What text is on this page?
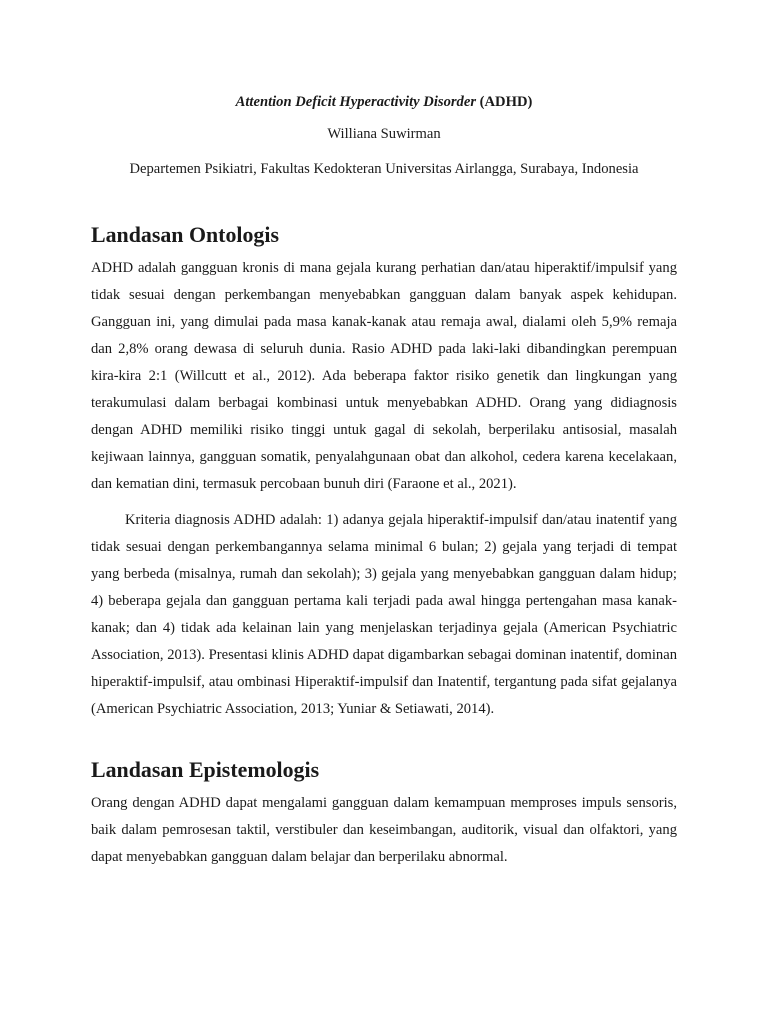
Attention Deficit Hyperactivity Disorder (ADHD)

Williana Suwirman

Departemen Psikiatri, Fakultas Kedokteran Universitas Airlangga, Surabaya, Indonesia

Landasan Ontologis

ADHD adalah gangguan kronis di mana gejala kurang perhatian dan/atau hiperaktif/impulsif yang tidak sesuai dengan perkembangan menyebabkan gangguan dalam banyak aspek kehidupan. Gangguan ini, yang dimulai pada masa kanak-kanak atau remaja awal, dialami oleh 5,9% remaja dan 2,8% orang dewasa di seluruh dunia. Rasio ADHD pada laki-laki dibandingkan perempuan kira-kira 2:1 (Willcutt et al., 2012). Ada beberapa faktor risiko genetik dan lingkungan yang terakumulasi dalam berbagai kombinasi untuk menyebabkan ADHD. Orang yang didiagnosis dengan ADHD memiliki risiko tinggi untuk gagal di sekolah, berperilaku antisosial, masalah kejiwaan lainnya, gangguan somatik, penyalahgunaan obat dan alkohol, cedera karena kecelakaan, dan kematian dini, termasuk percobaan bunuh diri (Faraone et al., 2021).

Kriteria diagnosis ADHD adalah: 1) adanya gejala hiperaktif-impulsif dan/atau inatentif yang tidak sesuai dengan perkembangannya selama minimal 6 bulan; 2) gejala yang terjadi di tempat yang berbeda (misalnya, rumah dan sekolah); 3) gejala yang menyebabkan gangguan dalam hidup; 4) beberapa gejala dan gangguan pertama kali terjadi pada awal hingga pertengahan masa kanak-kanak; dan 4) tidak ada kelainan lain yang menjelaskan terjadinya gejala (American Psychiatric Association, 2013). Presentasi klinis ADHD dapat digambarkan sebagai dominan inatentif, dominan hiperaktif-impulsif, atau ombinasi Hiperaktif-impulsif dan Inatentif, tergantung pada sifat gejalanya (American Psychiatric Association, 2013; Yuniar & Setiawati, 2014).

Landasan Epistemologis

Orang dengan ADHD dapat mengalami gangguan dalam kemampuan memproses impuls sensoris, baik dalam pemrosesan taktil, verstibuler dan keseimbangan, auditorik, visual dan olfaktori, yang dapat menyebabkan gangguan dalam belajar dan berperilaku abnormal.
